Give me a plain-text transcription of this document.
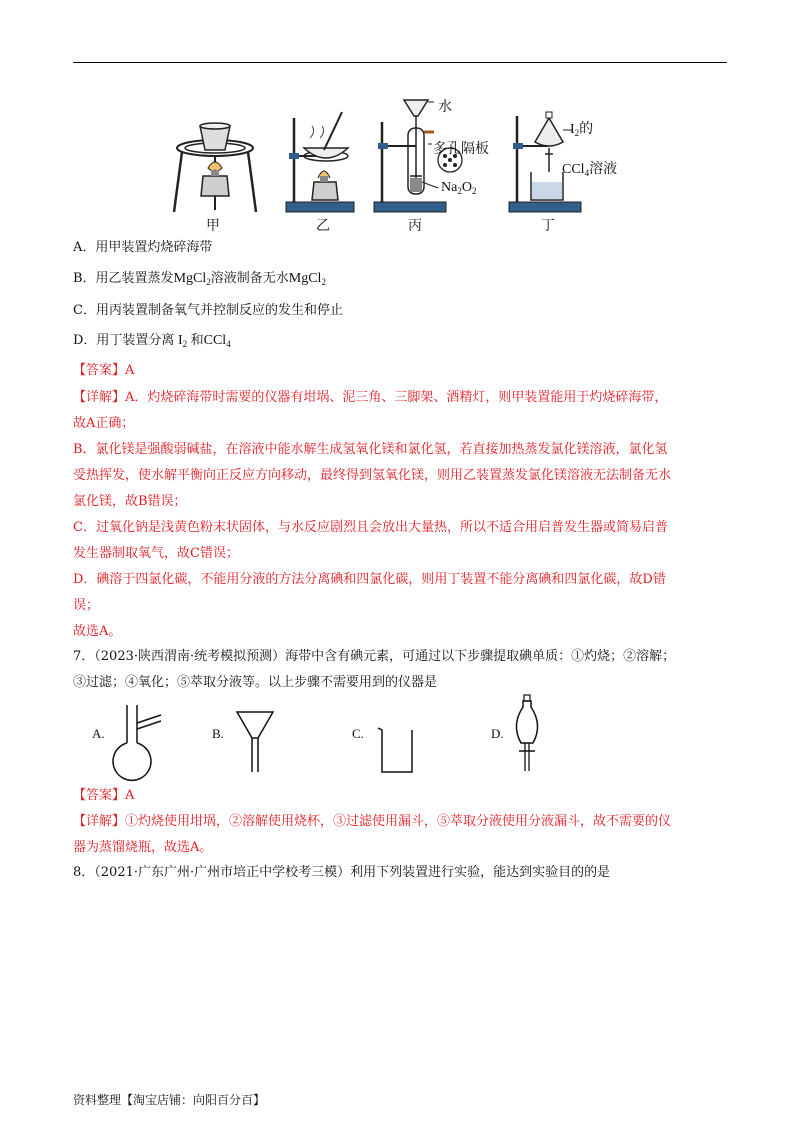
甲	乙
水
多孔隔板
$Na_2O_2$
丙
$I_2$的
CCl$_4$溶液
丁
A．用甲装置灼烧碎海带
B．用乙装置蒸发MgCl$_2$溶液制备无水MgCl$_2$
C．用丙装置制备氧气并控制反应的发生和停止
D．用丁装置分离 $I_2$ 和CCl$_4$
【答案】A
【详解】A．灼烧碎海带时需要的仪器有坩埚、泥三角、三脚架、酒精灯，则甲装置能用于灼烧碎海带，
故A正确；
B．氯化镁是强酸弱碱盐，在溶液中能水解生成氢氧化镁和氯化氢，若直接加热蒸发氯化镁溶液，氯化氢
受热挥发，使水解平衡向正反应方向移动，最终得到氢氧化镁，则用乙装置蒸发氯化镁溶液无法制备无水
氯化镁，故B错误；
C．过氧化钠是浅黄色粉末状固体，与水反应剧烈且会放出大量热，所以不适合用启普发生器或简易启普
发生器制取氧气，故C错误；
D．碘溶于四氯化碳，不能用分液的方法分离碘和四氯化碳，则用丁装置不能分离碘和四氯化碳，故D错
误；
故选A。
7．（2023·陕西渭南·统考模拟预测）海带中含有碘元素，可通过以下步骤提取碘单质：①灼烧；②溶解；
③过滤；④氧化；⑤萃取分液等。以上步骤不需要用到的仪器是
A.	B.	C.	D.
【答案】A
【详解】①灼烧使用坩埚，②溶解使用烧杯，③过滤使用漏斗，⑤萃取分液使用分液漏斗，故不需要的仪
器为蒸馏烧瓶，故选A。
8．（2021·广东广州·广州市培正中学校考三模）利用下列装置进行实验，能达到实验目的的是
资料整理【淘宝店铺：向阳百分百】
